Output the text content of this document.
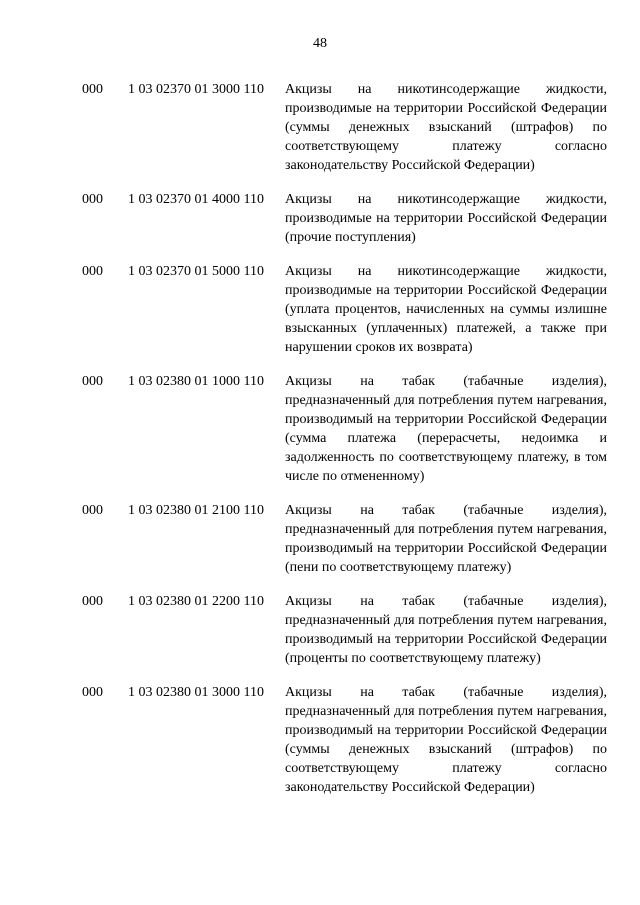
48
000 1 03 02370 01 3000 110 Акцизы на никотинсодержащие жидкости, производимые на территории Российской Федерации (суммы денежных взысканий (штрафов) по соответствующему платежу согласно законодательству Российской Федерации)
000 1 03 02370 01 4000 110 Акцизы на никотинсодержащие жидкости, производимые на территории Российской Федерации (прочие поступления)
000 1 03 02370 01 5000 110 Акцизы на никотинсодержащие жидкости, производимые на территории Российской Федерации (уплата процентов, начисленных на суммы излишне взысканных (уплаченных) платежей, а также при нарушении сроков их возврата)
000 1 03 02380 01 1000 110 Акцизы на табак (табачные изделия), предназначенный для потребления путем нагревания, производимый на территории Российской Федерации (сумма платежа (перерасчеты, недоимка и задолженность по соответствующему платежу, в том числе по отмененному)
000 1 03 02380 01 2100 110 Акцизы на табак (табачные изделия), предназначенный для потребления путем нагревания, производимый на территории Российской Федерации (пени по соответствующему платежу)
000 1 03 02380 01 2200 110 Акцизы на табак (табачные изделия), предназначенный для потребления путем нагревания, производимый на территории Российской Федерации (проценты по соответствующему платежу)
000 1 03 02380 01 3000 110 Акцизы на табак (табачные изделия), предназначенный для потребления путем нагревания, производимый на территории Российской Федерации (суммы денежных взысканий (штрафов) по соответствующему платежу согласно законодательству Российской Федерации)
